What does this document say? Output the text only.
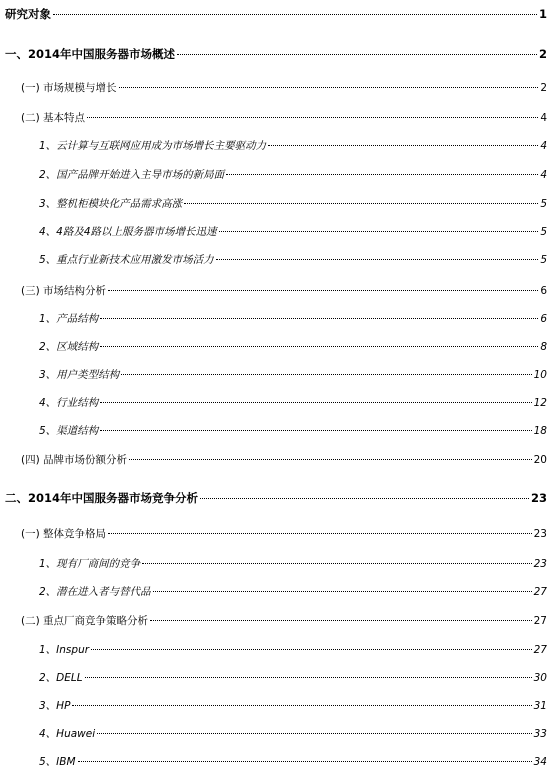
研究对象	1
一、2014年中国服务器市场概述	2
(一) 市场规模与增长	2
(二) 基本特点	4
1、云计算与互联网应用成为市场增长主要驱动力	4
2、国产品牌开始进入主导市场的新局面	4
3、整机柜模块化产品需求高涨	5
4、4路及4路以上服务器市场增长迅速	5
5、重点行业新技术应用激发市场活力	5
(三) 市场结构分析	6
1、产品结构	6
2、区域结构	8
3、用户类型结构	10
4、行业结构	12
5、渠道结构	18
(四) 品牌市场份额分析	20
二、2014年中国服务器市场竞争分析	23
(一) 整体竞争格局	23
1、现有厂商间的竞争	23
2、潜在进入者与替代品	27
(二) 重点厂商竞争策略分析	27
1、Inspur	27
2、DELL	30
3、HP	31
4、Huawei	33
5、IBM	34
